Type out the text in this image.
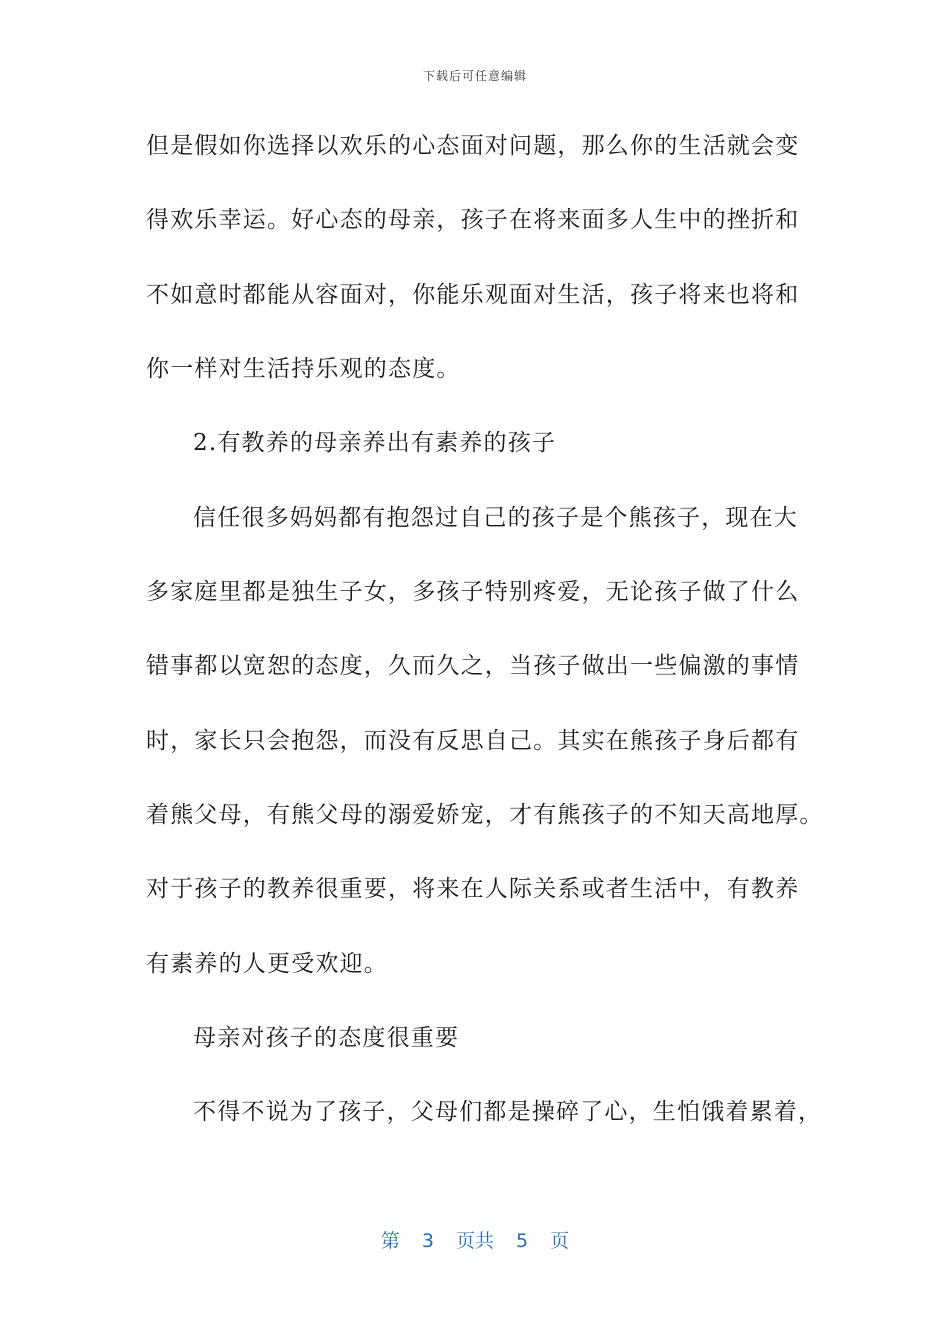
下载后可任意编辑
但是假如你选择以欢乐的心态面对问题，那么你的生活就会变
得欢乐幸运。好心态的母亲，孩子在将来面多人生中的挫折和
不如意时都能从容面对，你能乐观面对生活，孩子将来也将和
你一样对生活持乐观的态度。
2.有教养的母亲养出有素养的孩子
信任很多妈妈都有抱怨过自己的孩子是个熊孩子，现在大
多家庭里都是独生子女，多孩子特别疼爱，无论孩子做了什么
错事都以宽恕的态度，久而久之，当孩子做出一些偏激的事情
时，家长只会抱怨，而没有反思自己。其实在熊孩子身后都有
着熊父母，有熊父母的溺爱娇宠，才有熊孩子的不知天高地厚。
对于孩子的教养很重要，将来在人际关系或者生活中，有教养
有素养的人更受欢迎。
母亲对孩子的态度很重要
不得不说为了孩子，父母们都是操碎了心，生怕饿着累着，
第 3 页共 5 页
